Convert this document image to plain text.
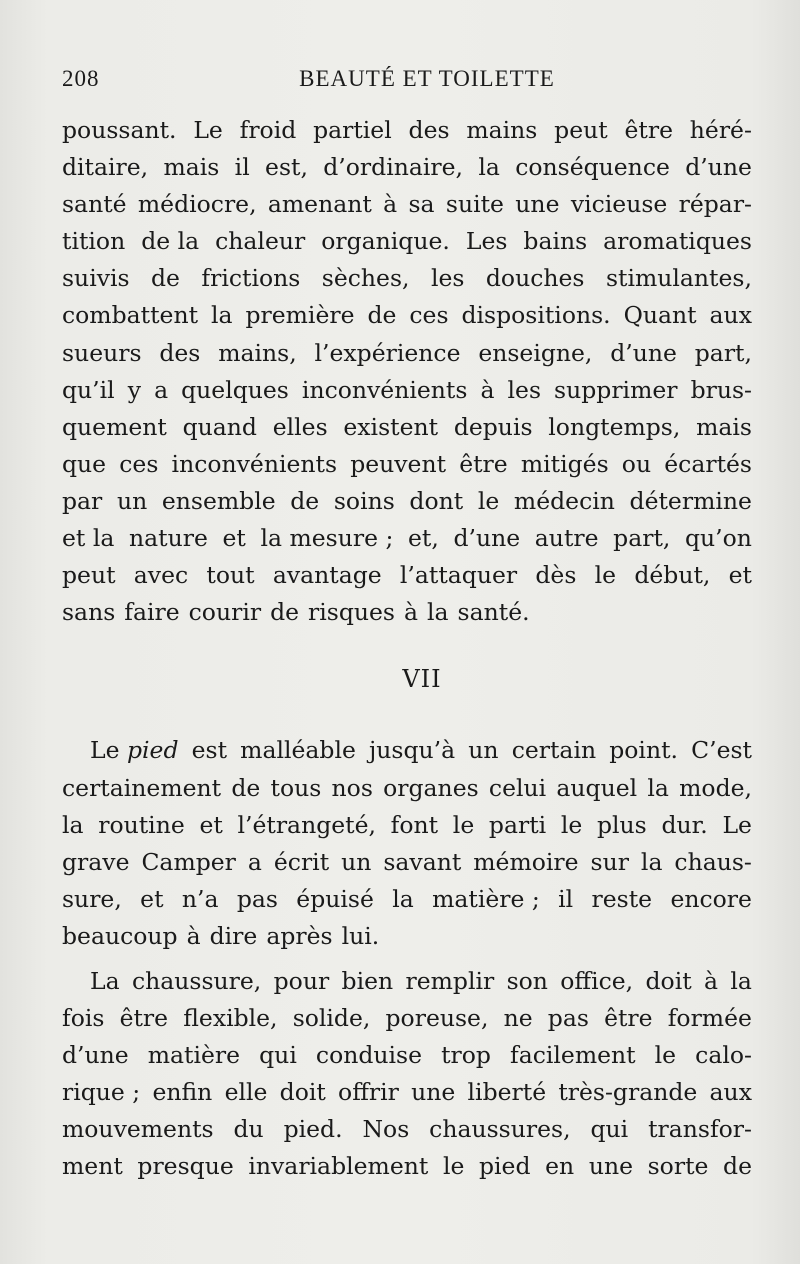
208	BEAUTÉ ET TOILETTE
poussant. Le froid partiel des mains peut être héré-
ditaire, mais il est, d’ordinaire, la conséquence d’une
santé médiocre, amenant à sa suite une vicieuse répar-
tition de la chaleur organique. Les bains aromatiques
suivis de frictions sèches, les douches stimulantes,
combattent la première de ces dispositions. Quant aux
sueurs des mains, l’expérience enseigne, d’une part,
qu’il y a quelques inconvénients à les supprimer brus-
quement quand elles existent depuis longtemps, mais
que ces inconvénients peuvent être mitigés ou écartés
par un ensemble de soins dont le médecin détermine
et la nature et la mesure ; et, d’une autre part, qu’on
peut avec tout avantage l’attaquer dès le début, et
sans faire courir de risques à la santé.
VII
Le pied est malléable jusqu’à un certain point. C’est
certainement de tous nos organes celui auquel la mode,
la routine et l’étrangeté, font le parti le plus dur. Le
grave Camper a écrit un savant mémoire sur la chaus-
sure, et n’a pas épuisé la matière ; il reste encore
beaucoup à dire après lui.
La chaussure, pour bien remplir son office, doit à la
fois être flexible, solide, poreuse, ne pas être formée
d’une matière qui conduise trop facilement le calo-
rique ; enfin elle doit offrir une liberté très-grande aux
mouvements du pied. Nos chaussures, qui transfor-
ment presque invariablement le pied en une sorte de
